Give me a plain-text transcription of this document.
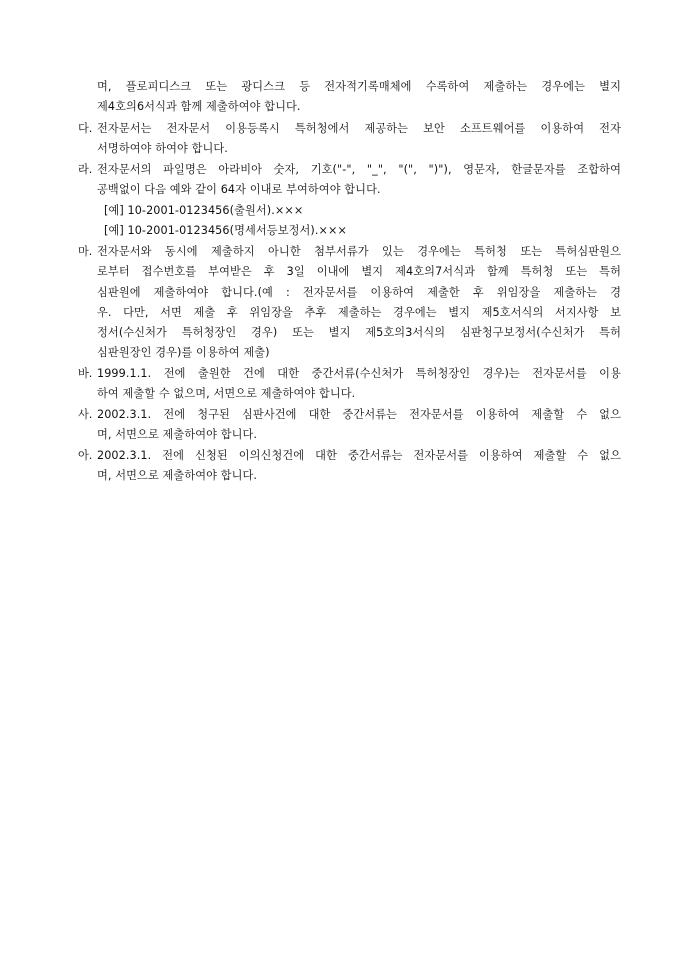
며, 플로피디스크 또는 광디스크 등 전자적기록매체에 수록하여 제출하는 경우에는 별지
제4호의6서식과 함께 제출하여야 합니다.
다. 전자문서는 전자문서 이용등록시 특허청에서 제공하는 보안 소프트웨어를 이용하여 전자
서명하여야 하여야 합니다.
라. 전자문서의 파일명은 아라비아 숫자, 기호("-", "_", "(", ")"), 영문자, 한글문자를 조합하여
공백없이 다음 예와 같이 64자 이내로 부여하여야 합니다.
[예] 10-2001-0123456(출원서).×××
[예] 10-2001-0123456(명세서등보정서).×××
마. 전자문서와 동시에 제출하지 아니한 첨부서류가 있는 경우에는 특허청 또는 특허심판원으
로부터 접수번호를 부여받은 후 3일 이내에 별지 제4호의7서식과 함께 특허청 또는 특허
심판원에 제출하여야 합니다.(예 : 전자문서를 이용하여 제출한 후 위임장을 제출하는 경
우. 다만, 서면 제출 후 위임장을 추후 제출하는 경우에는 별지 제5호서식의 서지사항 보
정서(수신처가 특허청장인 경우) 또는 별지 제5호의3서식의 심판청구보정서(수신처가 특허
심판원장인 경우)를 이용하여 제출)
바. 1999.1.1. 전에 출원한 건에 대한 중간서류(수신처가 특허청장인 경우)는 전자문서를 이용
하여 제출할 수 없으며, 서면으로 제출하여야 합니다.
사. 2002.3.1. 전에 청구된 심판사건에 대한 중간서류는 전자문서를 이용하여 제출할 수 없으
며, 서면으로 제출하여야 합니다.
아. 2002.3.1. 전에 신청된 이의신청건에 대한 중간서류는 전자문서를 이용하여 제출할 수 없으
며, 서면으로 제출하여야 합니다.
